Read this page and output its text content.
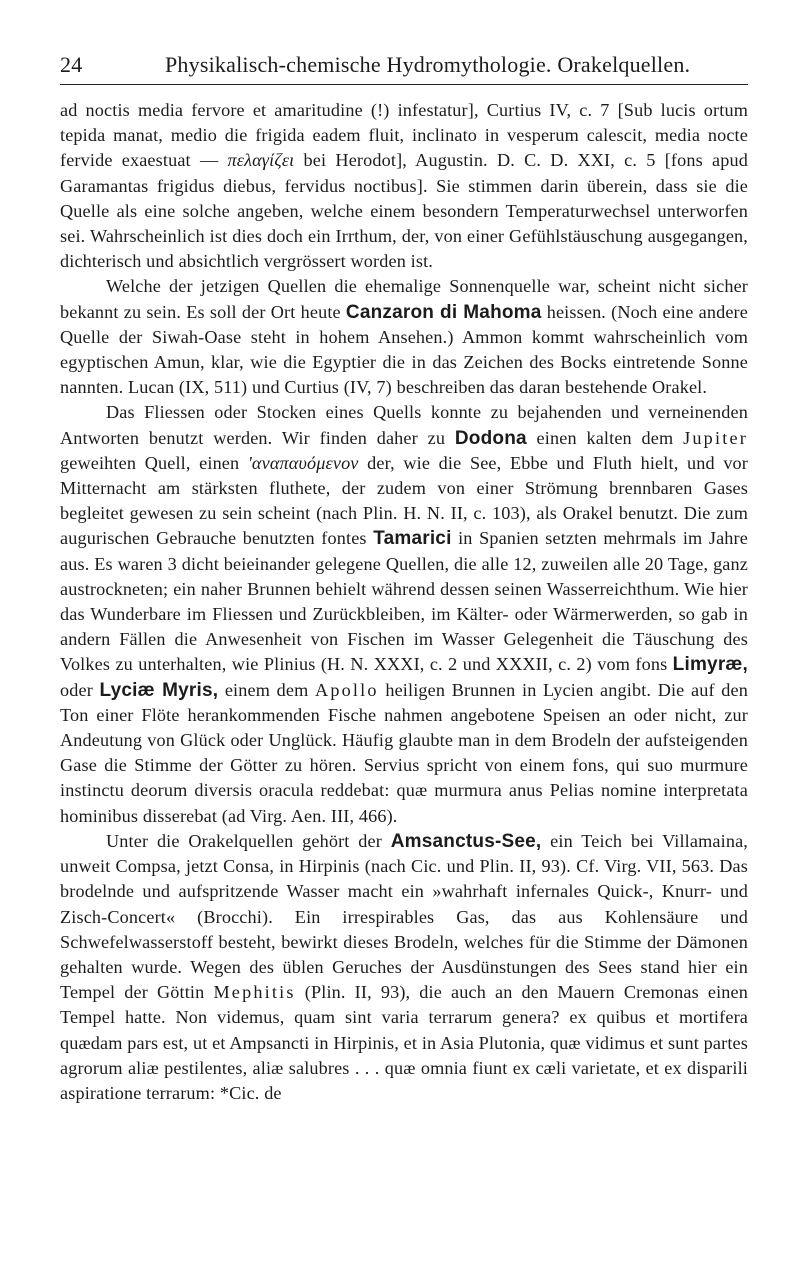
24	Physikalisch-chemische Hydromythologie. Orakelquellen.

ad noctis media fervore et amaritudine (!) infestatur], Curtius IV, c. 7 [Sub lucis ortum tepida manat, medio die frigida eadem fluit, inclinato in vesperum calescit, media nocte fervide exaestuat — πελαγίζει bei Herodot], Augustin. D. C. D. XXI, c. 5 [fons apud Garamantas frigidus diebus, fervidus noctibus]. Sie stimmen darin überein, dass sie die Quelle als eine solche angeben, welche einem besondern Temperaturwechsel unterworfen sei. Wahrscheinlich ist dies doch ein Irrthum, der, von einer Gefühlstäuschung ausgegangen, dichterisch und absichtlich vergrössert worden ist.

Welche der jetzigen Quellen die ehemalige Sonnenquelle war, scheint nicht sicher bekannt zu sein. Es soll der Ort heute Canzaron di Mahoma heissen. (Noch eine andere Quelle der Siwah-Oase steht in hohem Ansehen.) Ammon kommt wahrscheinlich vom egyptischen Amun, klar, wie die Egyptier die in das Zeichen des Bocks eintretende Sonne nannten. Lucan (IX, 511) und Curtius (IV, 7) beschreiben das daran bestehende Orakel.

Das Fliessen oder Stocken eines Quells konnte zu bejahenden und verneinenden Antworten benutzt werden. Wir finden daher zu Dodona einen kalten dem Jupiter geweihten Quell, einen 'αναπαυόμενον der, wie die See, Ebbe und Fluth hielt, und vor Mitternacht am stärksten fluthete, der zudem von einer Strömung brennbaren Gases begleitet gewesen zu sein scheint (nach Plin. H. N. II, c. 103), als Orakel benutzt. Die zum augurischen Gebrauche benutzten fontes Tamarici in Spanien setzten mehrmals im Jahre aus. Es waren 3 dicht beieinander gelegene Quellen, die alle 12, zuweilen alle 20 Tage, ganz austrockneten; ein naher Brunnen behielt während dessen seinen Wasserreichthum. Wie hier das Wunderbare im Fliessen und Zurückbleiben, im Kälter- oder Wärmerwerden, so gab in andern Fällen die Anwesenheit von Fischen im Wasser Gelegenheit die Täuschung des Volkes zu unterhalten, wie Plinius (H. N. XXXI, c. 2 und XXXII, c. 2) vom fons Limyræ, oder Lyciæ Myris, einem dem Apollo heiligen Brunnen in Lycien angibt. Die auf den Ton einer Flöte herankommenden Fische nahmen angebotene Speisen an oder nicht, zur Andeutung von Glück oder Unglück. Häufig glaubte man in dem Brodeln der aufsteigenden Gase die Stimme der Götter zu hören. Servius spricht von einem fons, qui suo murmure instinctu deorum diversis oracula reddebat: quæ murmura anus Pelias nomine interpretata hominibus disserebat (ad Virg. Aen. III, 466).

Unter die Orakelquellen gehört der Amsanctus-See, ein Teich bei Villamaina, unweit Compsa, jetzt Consa, in Hirpinis (nach Cic. und Plin. II, 93). Cf. Virg. VII, 563. Das brodelnde und aufspritzende Wasser macht ein »wahrhaft infernales Quick-, Knurr- und Zisch-Concert« (Brocchi). Ein irrespirables Gas, das aus Kohlensäure und Schwefelwasserstoff besteht, bewirkt dieses Brodeln, welches für die Stimme der Dämonen gehalten wurde. Wegen des üblen Geruches der Ausdünstungen des Sees stand hier ein Tempel der Göttin Mephitis (Plin. II, 93), die auch an den Mauern Cremonas einen Tempel hatte. Non videmus, quam sint varia terrarum genera? ex quibus et mortifera quædam pars est, ut et Ampsancti in Hirpinis, et in Asia Plutonia, quæ vidimus et sunt partes agrorum aliæ pestilentes, aliæ salubres . . . quæ omnia fiunt ex cæli varietate, et ex disparili aspiratione terrarum: *Cic. de
